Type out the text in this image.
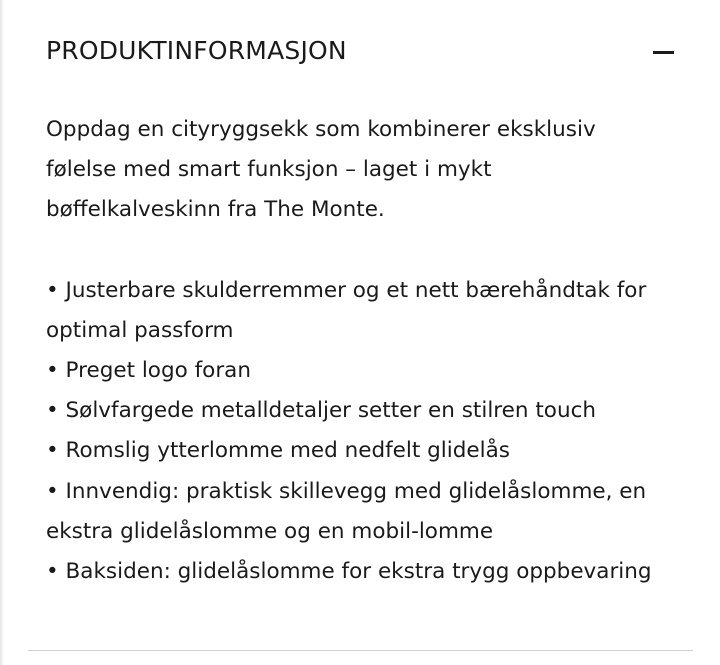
PRODUKTINFORMASJON

Oppdag en cityryggsekk som kombinerer eksklusiv følelse med smart funksjon – laget i mykt bøffelkalveskinn fra The Monte.

• Justerbare skulderremmer og et nett bærehåndtak for optimal passform
• Preget logo foran
• Sølvfargede metalldetaljer setter en stilren touch
• Romslig ytterlomme med nedfelt glidelås
• Innvendig: praktisk skillevegg med glidelåslomme, en ekstra glidelåslomme og en mobil-lomme
• Baksiden: glidelåslomme for ekstra trygg oppbevaring
